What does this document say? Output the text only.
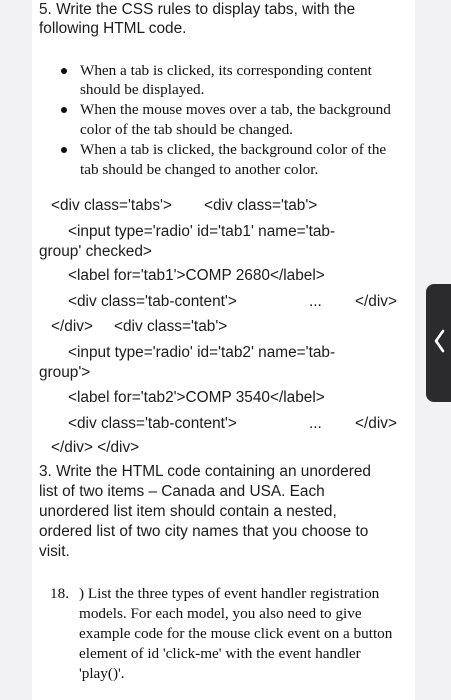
5. Write the CSS rules to display tabs, with the

following HTML code.

When a tab is clicked, its corresponding content

should be displayed.

When the mouse moves over a tab, the background

color of the tab should be changed.

When a tab is clicked, the background color of the

tab should be changed to another color.

<div class='tabs'> <div class='tab'>
<input type='radio' id='tab1' name='tab-
group' checked>
<label for='tab1'>COMP 2680</label>
<div class='tab-content'>	... </div>
</div> <div class='tab'>
<input type='radio' id='tab2' name='tab-
group'>
<label for='tab2'>COMP 3540</label>
<div class='tab-content'>	... </div>
</div> </div>

3. Write the HTML code containing an unordered

list of two items – Canada and USA. Each

unordered list item should contain a nested,

ordered list of two city names that you choose to

visit.

18. ) List the three types of event handler registration

models. For each model, you also need to give

example code for the mouse click event on a button

element of id 'click-me' with the event handler

'play()'.
